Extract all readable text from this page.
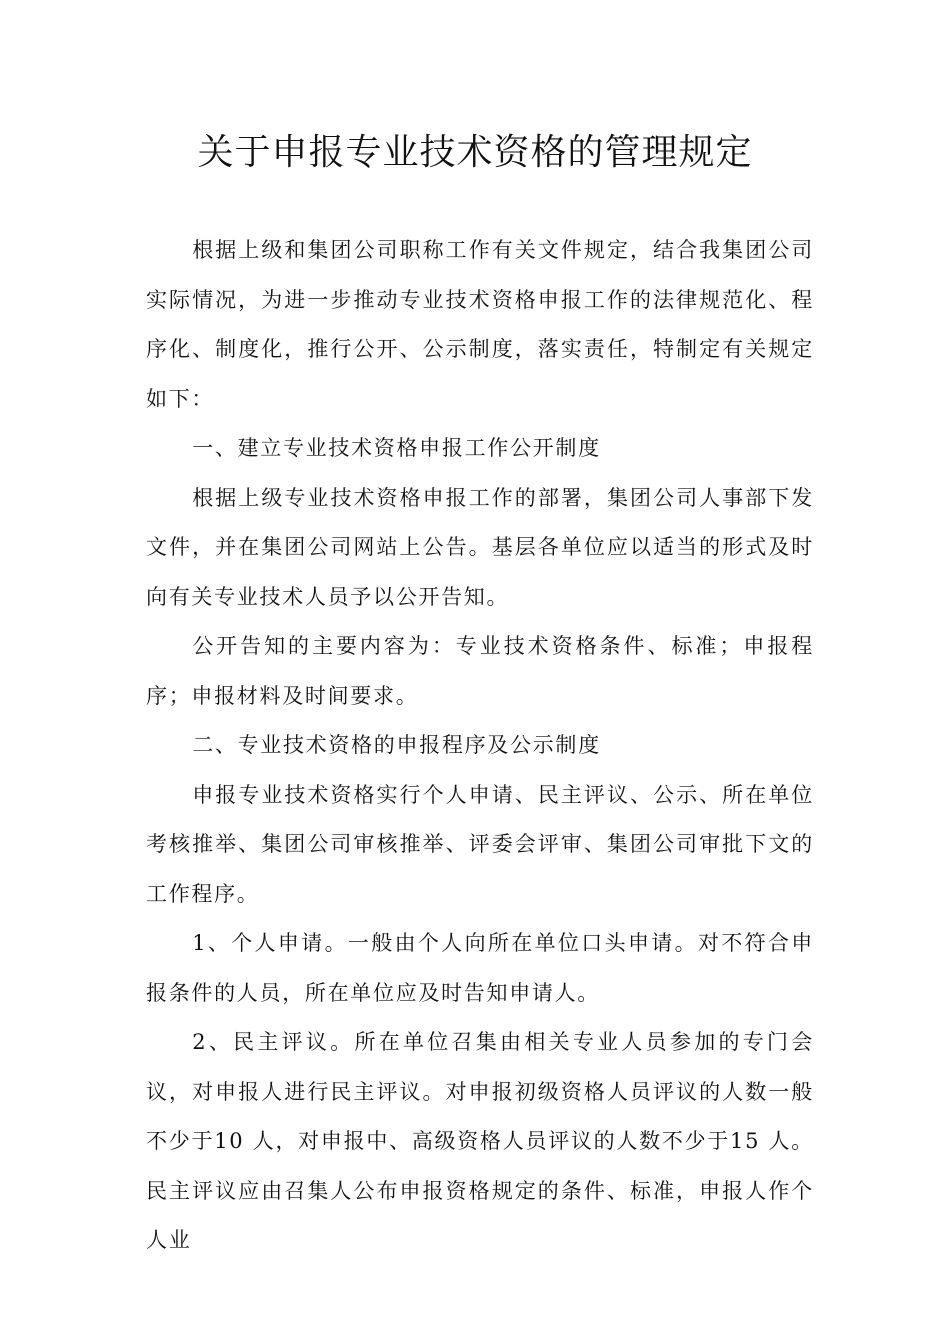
关于申报专业技术资格的管理规定

根据上级和集团公司职称工作有关文件规定，结合我集团公司实际情况，为进一步推动专业技术资格申报工作的法律规范化、程序化、制度化，推行公开、公示制度，落实责任，特制定有关规定如下：

一、建立专业技术资格申报工作公开制度

根据上级专业技术资格申报工作的部署，集团公司人事部下发文件，并在集团公司网站上公告。基层各单位应以适当的形式及时向有关专业技术人员予以公开告知。

公开告知的主要内容为：专业技术资格条件、标准；申报程序；申报材料及时间要求。

二、专业技术资格的申报程序及公示制度

申报专业技术资格实行个人申请、民主评议、公示、所在单位考核推举、集团公司审核推举、评委会评审、集团公司审批下文的工作程序。

1、个人申请。一般由个人向所在单位口头申请。对不符合申报条件的人员，所在单位应及时告知申请人。

2、民主评议。所在单位召集由相关专业人员参加的专门会议，对申报人进行民主评议。对申报初级资格人员评议的人数一般不少于10 人，对申报中、高级资格人员评议的人数不少于15 人。民主评议应由召集人公布申报资格规定的条件、标准，申报人作个人业
